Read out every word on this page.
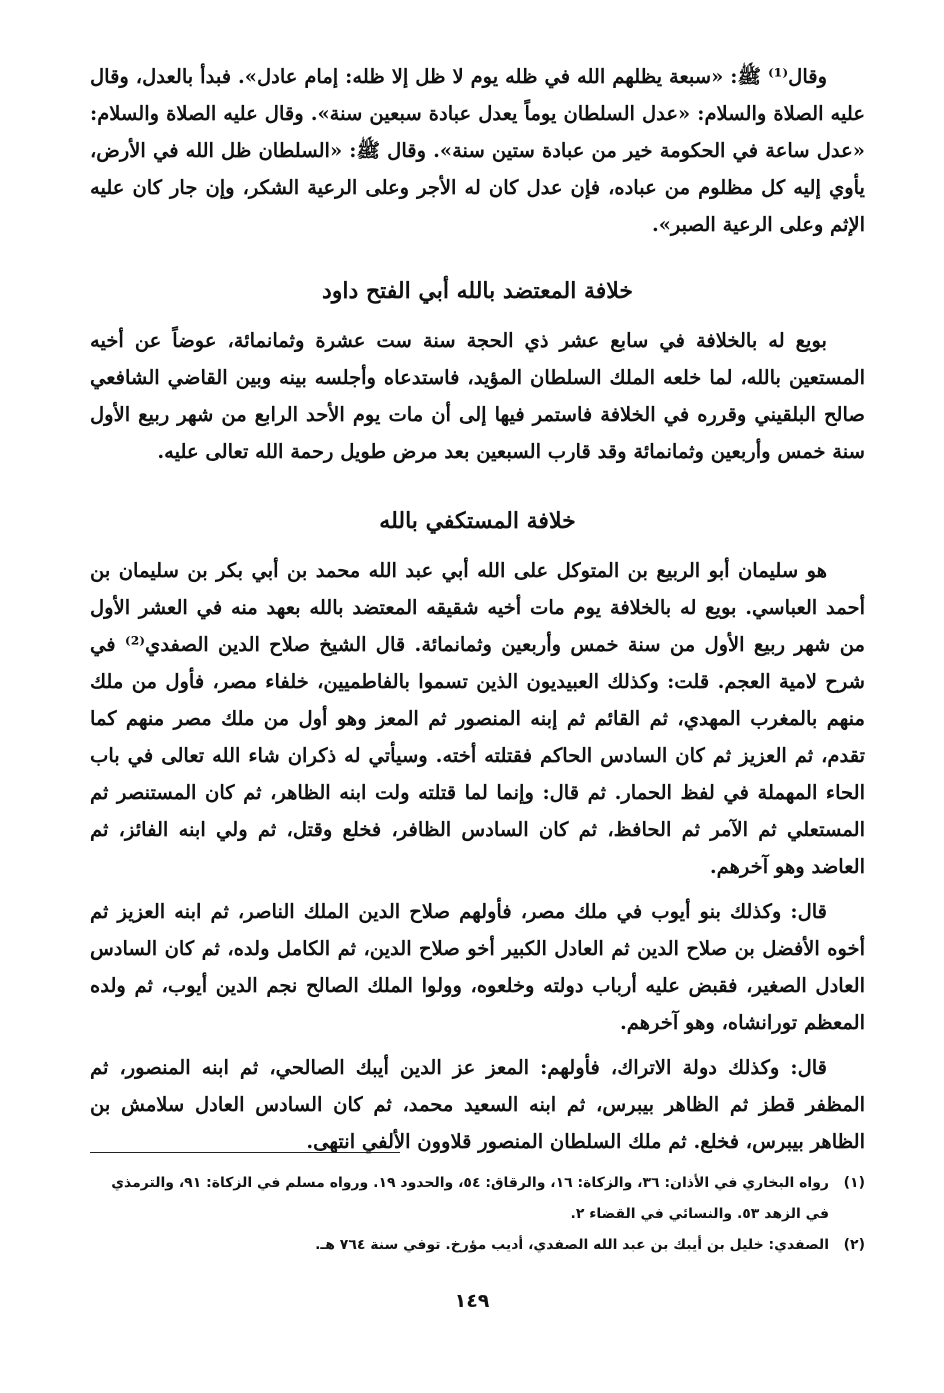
وقال⁽¹⁾ ﷺ: «سبعة يظلهم الله في ظله يوم لا ظل إلا ظله: إمام عادل». فبدأ بالعدل، وقال عليه الصلاة والسلام: «عدل السلطان يوماً يعدل عبادة سبعين سنة». وقال عليه الصلاة والسلام: «عدل ساعة في الحكومة خير من عبادة ستين سنة». وقال ﷺ: «السلطان ظل الله في الأرض، يأوي إليه كل مظلوم من عباده، فإن عدل كان له الأجر وعلى الرعية الشكر، وإن جار كان عليه الإثم وعلى الرعية الصبر».

خلافة المعتضد بالله أبي الفتح داود

بويع له بالخلافة في سابع عشر ذي الحجة سنة ست عشرة وثمانمائة، عوضاً عن أخيه المستعين بالله، لما خلعه الملك السلطان المؤيد، فاستدعاه وأجلسه بينه وبين القاضي الشافعي صالح البلقيني وقرره في الخلافة فاستمر فيها إلى أن مات يوم الأحد الرابع من شهر ربيع الأول سنة خمس وأربعين وثمانمائة وقد قارب السبعين بعد مرض طويل رحمة الله تعالى عليه.

خلافة المستكفي بالله

هو سليمان أبو الربيع بن المتوكل على الله أبي عبد الله محمد بن أبي بكر بن سليمان بن أحمد العباسي. بويع له بالخلافة يوم مات أخيه شقيقه المعتضد بالله بعهد منه في العشر الأول من شهر ربيع الأول من سنة خمس وأربعين وثمانمائة. قال الشيخ صلاح الدين الصفدي⁽²⁾ في شرح لامية العجم. قلت: وكذلك العبيديون الذين تسموا بالفاطميين، خلفاء مصر، فأول من ملك منهم بالمغرب المهدي، ثم القائم ثم إبنه المنصور ثم المعز وهو أول من ملك مصر منهم كما تقدم، ثم العزيز ثم كان السادس الحاكم فقتلته أخته. وسيأتي له ذكران شاء الله تعالى في باب الحاء المهملة في لفظ الحمار. ثم قال: وإنما لما قتلته ولت ابنه الظاهر، ثم كان المستنصر ثم المستعلي ثم الآمر ثم الحافظ، ثم كان السادس الظافر، فخلع وقتل، ثم ولي ابنه الفائز، ثم العاضد وهو آخرهم.

قال: وكذلك بنو أيوب في ملك مصر، فأولهم صلاح الدين الملك الناصر، ثم ابنه العزيز ثم أخوه الأفضل بن صلاح الدين ثم العادل الكبير أخو صلاح الدين، ثم الكامل ولده، ثم كان السادس العادل الصغير، فقبض عليه أرباب دولته وخلعوه، وولوا الملك الصالح نجم الدين أيوب، ثم ولده المعظم تورانشاه، وهو آخرهم.

قال: وكذلك دولة الاتراك، فأولهم: المعز عز الدين أيبك الصالحي، ثم ابنه المنصور، ثم المظفر قطز ثم الظاهر بيبرس، ثم ابنه السعيد محمد، ثم كان السادس العادل سلامش بن الظاهر بيبرس، فخلع. ثم ملك السلطان المنصور قلاوون الألفي انتهى.

(١)رواه البخاري في الأذان: ٣٦، والزكاة: ١٦، والرقاق: ٥٤، والحدود ١٩. ورواه مسلم في الزكاة: ٩١، والترمذي في الزهد ٥٣. والنسائي في القضاء ٢.

(٢)الصفدي: خليل بن أيبك بن عبد الله الصفدي، أديب مؤرخ. توفي سنة ٧٦٤ هـ.

١٤٩
